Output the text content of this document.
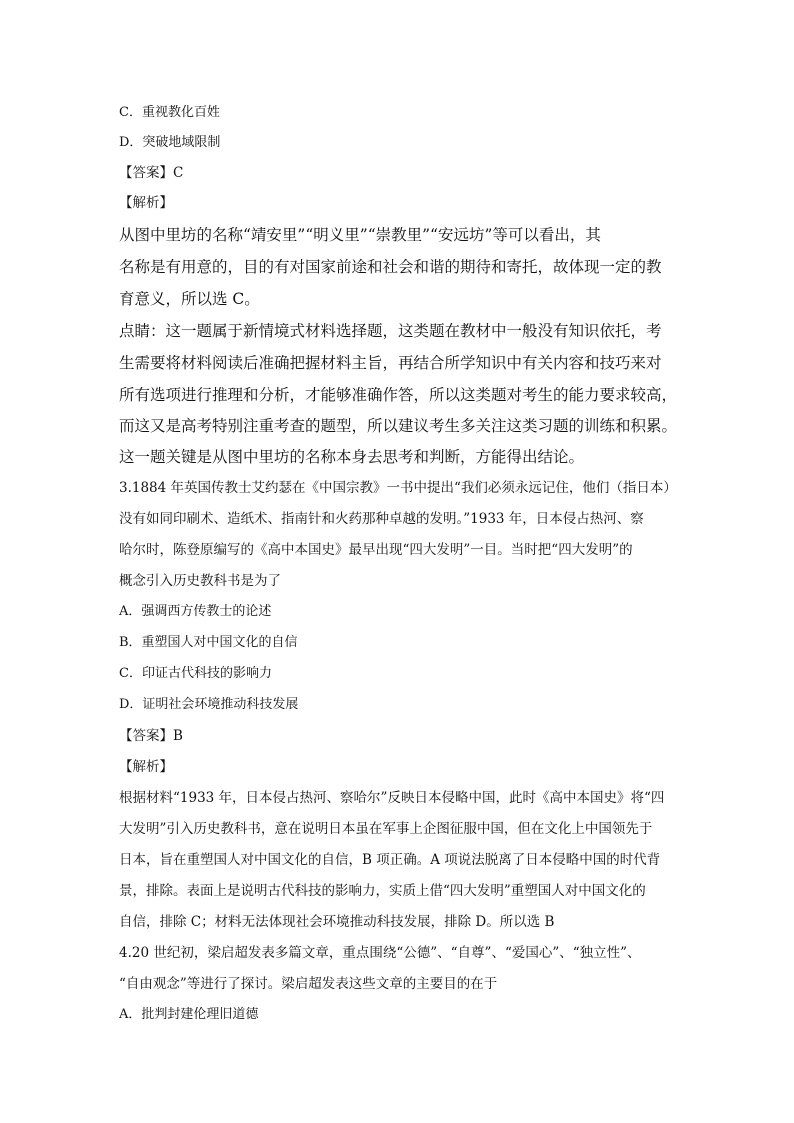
C．重视教化百姓
D．突破地域限制
【答案】C
【解析】
从图中里坊的名称“靖安里”“明义里”“崇教里”“安远坊”等可以看出，其
名称是有用意的，目的有对国家前途和社会和谐的期待和寄托，故体现一定的教
育意义，所以选 C。
点睛：这一题属于新情境式材料选择题，这类题在教材中一般没有知识依托，考
生需要将材料阅读后准确把握材料主旨，再结合所学知识中有关内容和技巧来对
所有选项进行推理和分析，才能够准确作答，所以这类题对考生的能力要求较高，
而这又是高考特别注重考查的题型，所以建议考生多关注这类习题的训练和积累。
这一题关键是从图中里坊的名称本身去思考和判断，方能得出结论。
3.1884 年英国传教士艾约瑟在《中国宗教》一书中提出“我们必须永远记住，他们（指日本）
没有如同印刷术、造纸术、指南针和火药那种卓越的发明。”1933 年，日本侵占热河、察
哈尔时，陈登原编写的《高中本国史》最早出现“四大发明”一目。当时把“四大发明”的
概念引入历史教科书是为了
A．强调西方传教士的论述
B．重塑国人对中国文化的自信
C．印证古代科技的影响力
D．证明社会环境推动科技发展
【答案】B
【解析】
根据材料“1933 年，日本侵占热河、察哈尔”反映日本侵略中国，此时《高中本国史》将“四
大发明”引入历史教科书，意在说明日本虽在军事上企图征服中国，但在文化上中国领先于
日本，旨在重塑国人对中国文化的自信，B 项正确。A 项说法脱离了日本侵略中国的时代背
景，排除。表面上是说明古代科技的影响力，实质上借“四大发明”重塑国人对中国文化的
自信，排除 C；材料无法体现社会环境推动科技发展，排除 D。所以选 B
4.20 世纪初，梁启超发表多篇文章，重点围绕“公德”、“自尊”、“爱国心”、“独立性”、
“自由观念”等进行了探讨。梁启超发表这些文章的主要目的在于
A．批判封建伦理旧道德
